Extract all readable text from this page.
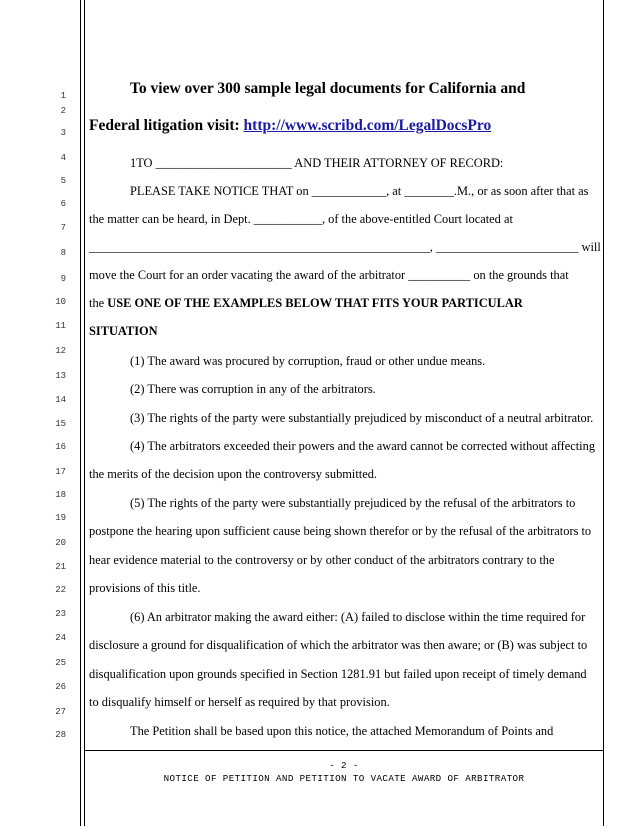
1
2
3
4
5
6
7
8
9
10
11
12
13
14
15
16
17
18
19
20
21
22
23
24
25
26
27
28
To view over 300 sample legal documents for California and
Federal litigation visit: http://www.scribd.com/LegalDocsPro
1TO ______________________ AND THEIR ATTORNEY OF RECORD:
PLEASE TAKE NOTICE THAT on ____________, at ________.M., or as soon after that as
the matter can be heard, in Dept. ___________, of the above-entitled Court located at
_______________________________________________________, _______________________ will
move the Court for an order vacating the award of the arbitrator __________ on the grounds that
the USE ONE OF THE EXAMPLES BELOW THAT FITS YOUR PARTICULAR
SITUATION
(1) The award was procured by corruption, fraud or other undue means.
(2) There was corruption in any of the arbitrators.
(3) The rights of the party were substantially prejudiced by misconduct of a neutral arbitrator.
(4) The arbitrators exceeded their powers and the award cannot be corrected without affecting
the merits of the decision upon the controversy submitted.
(5) The rights of the party were substantially prejudiced by the refusal of the arbitrators to
postpone the hearing upon sufficient cause being shown therefor or by the refusal of the arbitrators to
hear evidence material to the controversy or by other conduct of the arbitrators contrary to the
provisions of this title.
(6) An arbitrator making the award either: (A) failed to disclose within the time required for
disclosure a ground for disqualification of which the arbitrator was then aware; or (B) was subject to
disqualification upon grounds specified in Section 1281.91 but failed upon receipt of timely demand
to disqualify himself or herself as required by that provision.
The Petition shall be based upon this notice, the attached Memorandum of Points and
- 2 -
NOTICE OF PETITION AND PETITION TO VACATE AWARD OF ARBITRATOR
